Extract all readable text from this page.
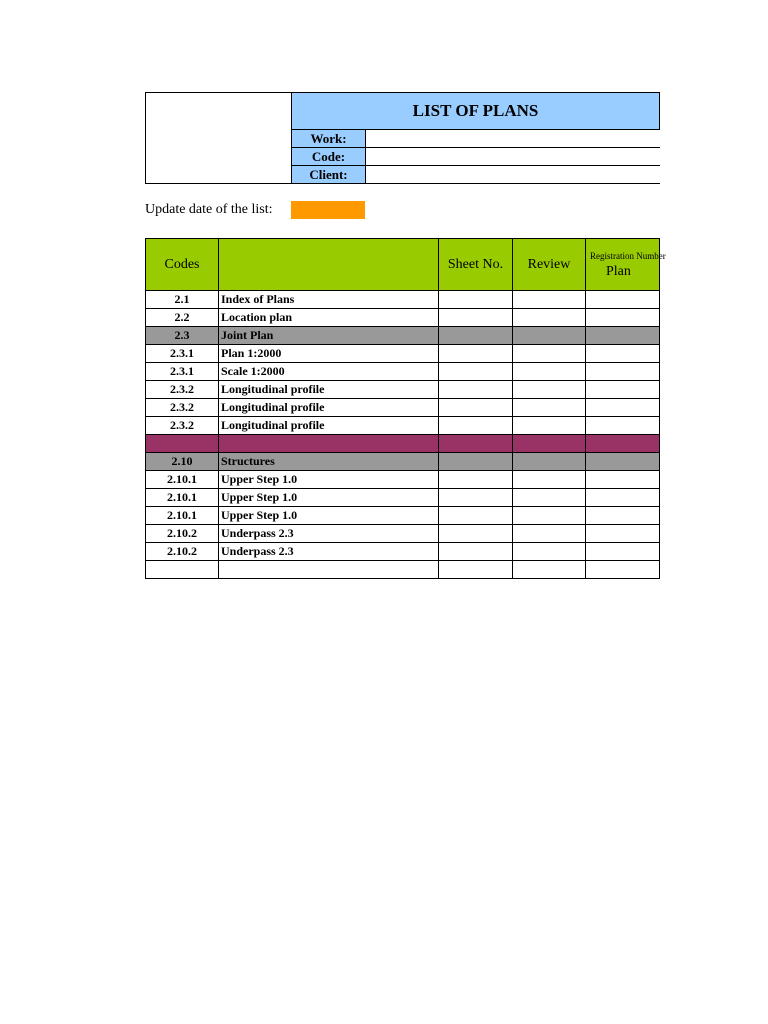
LIST OF PLANS
Work:
Code:
Client:
Update date of the list:
Codes		Sheet No.	Review	Registration Number
Plan

2.1	Index of Plans			
2.2	Location plan			
2.3	Joint Plan			
2.3.1	Plan 1:2000			
2.3.1	Scale 1:2000			
2.3.2	Longitudinal profile			
2.3.2	Longitudinal profile			
2.3.2	Longitudinal profile			

2.10	Structures			
2.10.1	Upper Step 1.0			
2.10.1	Upper Step 1.0			
2.10.1	Upper Step 1.0			
2.10.2	Underpass 2.3			
2.10.2	Underpass 2.3			
